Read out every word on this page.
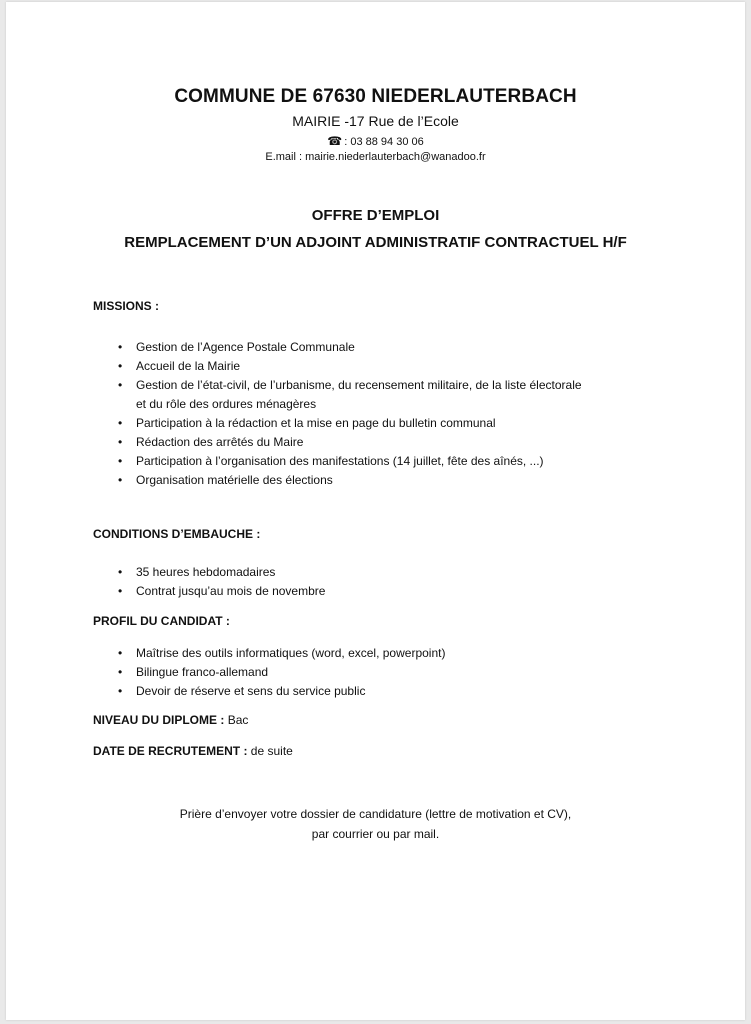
COMMUNE DE 67630 NIEDERLAUTERBACH
MAIRIE -17 Rue de l’Ecole
☎ : 03 88 94 30 06
E.mail : mairie.niederlauterbach@wanadoo.fr
OFFRE D’EMPLOI
REMPLACEMENT D’UN ADJOINT ADMINISTRATIF CONTRACTUEL H/F
MISSIONS :
• Gestion de l’Agence Postale Communale
• Accueil de la Mairie
• Gestion de l’état-civil, de l’urbanisme, du recensement militaire, de la liste électorale
et du rôle des ordures ménagères
• Participation à la rédaction et la mise en page du bulletin communal
• Rédaction des arrêtés du Maire
• Participation à l’organisation des manifestations (14 juillet, fête des aînés, ...)
• Organisation matérielle des élections
CONDITIONS D’EMBAUCHE :
• 35 heures hebdomadaires
• Contrat jusqu’au mois de novembre
PROFIL DU CANDIDAT :
• Maîtrise des outils informatiques (word, excel, powerpoint)
• Bilingue franco-allemand
• Devoir de réserve et sens du service public
NIVEAU DU DIPLOME : Bac
DATE DE RECRUTEMENT : de suite
Prière d’envoyer votre dossier de candidature (lettre de motivation et CV),
par courrier ou par mail.
